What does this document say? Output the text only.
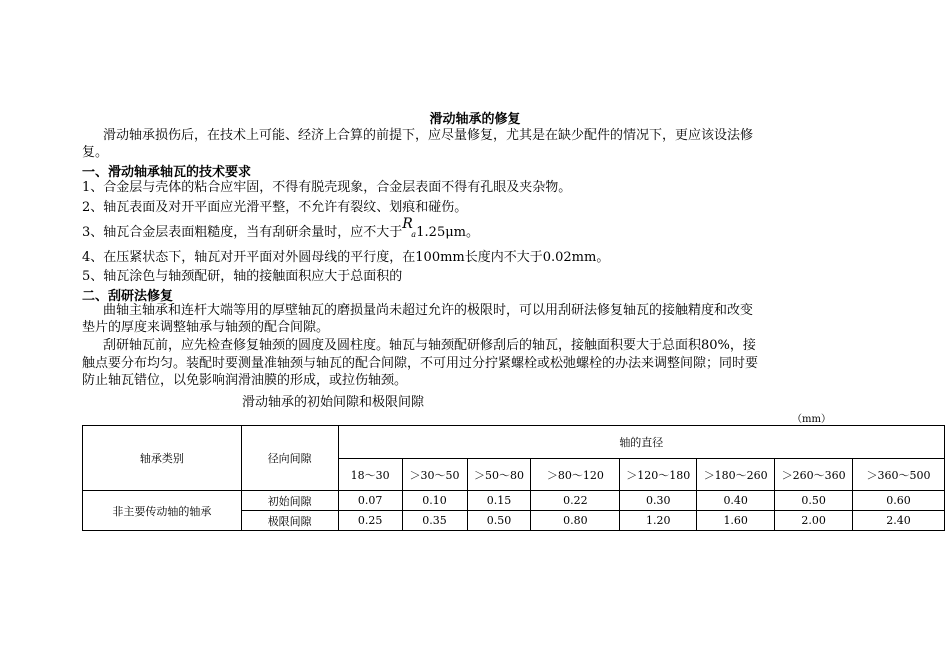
滑动轴承的修复
滑动轴承损伤后，在技术上可能、经济上合算的前提下，应尽量修复，尤其是在缺少配件的情况下，更应该设法修
复。
一、滑动轴承轴瓦的技术要求
1、合金层与壳体的粘合应牢固，不得有脱壳现象，合金层表面不得有孔眼及夹杂物。
2、轴瓦表面及对开平面应光滑平整，不允许有裂纹、划痕和碰伤。
3、轴瓦合金层表面粗糙度，当有刮研余量时，应不大于
R
a 1.25μm。
4、在压紧状态下，轴瓦对开平面对外圆母线的平行度，在100mm长度内不大于0.02mm。
5、轴瓦涂色与轴颈配研，轴的接触面积应大于总面积的
二、刮研法修复
曲轴主轴承和连杆大端等用的厚壁轴瓦的磨损量尚未超过允许的极限时，可以用刮研法修复轴瓦的接触精度和改变
垫片的厚度来调整轴承与轴颈的配合间隙。
刮研轴瓦前，应先检查修复轴颈的圆度及圆柱度。轴瓦与轴颈配研修刮后的轴瓦，接触面积要大于总面积80%，接
触点要分布均匀。装配时要测量准轴颈与轴瓦的配合间隙，不可用过分拧紧螺栓或松弛螺栓的办法来调整间隙；同时要
防止轴瓦错位，以免影响润滑油膜的形成，或拉伤轴颈。
滑动轴承的初始间隙和极限间隙
（mm）
轴承类别	径向间隙	轴的直径							
		18～30	＞30～50	＞50～80	＞80～120	＞120～180	＞180～260	＞260～360	＞360～500
非主要传动轴的轴承	初始间隙	0.07	0.10	0.15	0.22	0.30	0.40	0.50	0.60
	极限间隙	0.25	0.35	0.50	0.80	1.20	1.60	2.00	2.40
